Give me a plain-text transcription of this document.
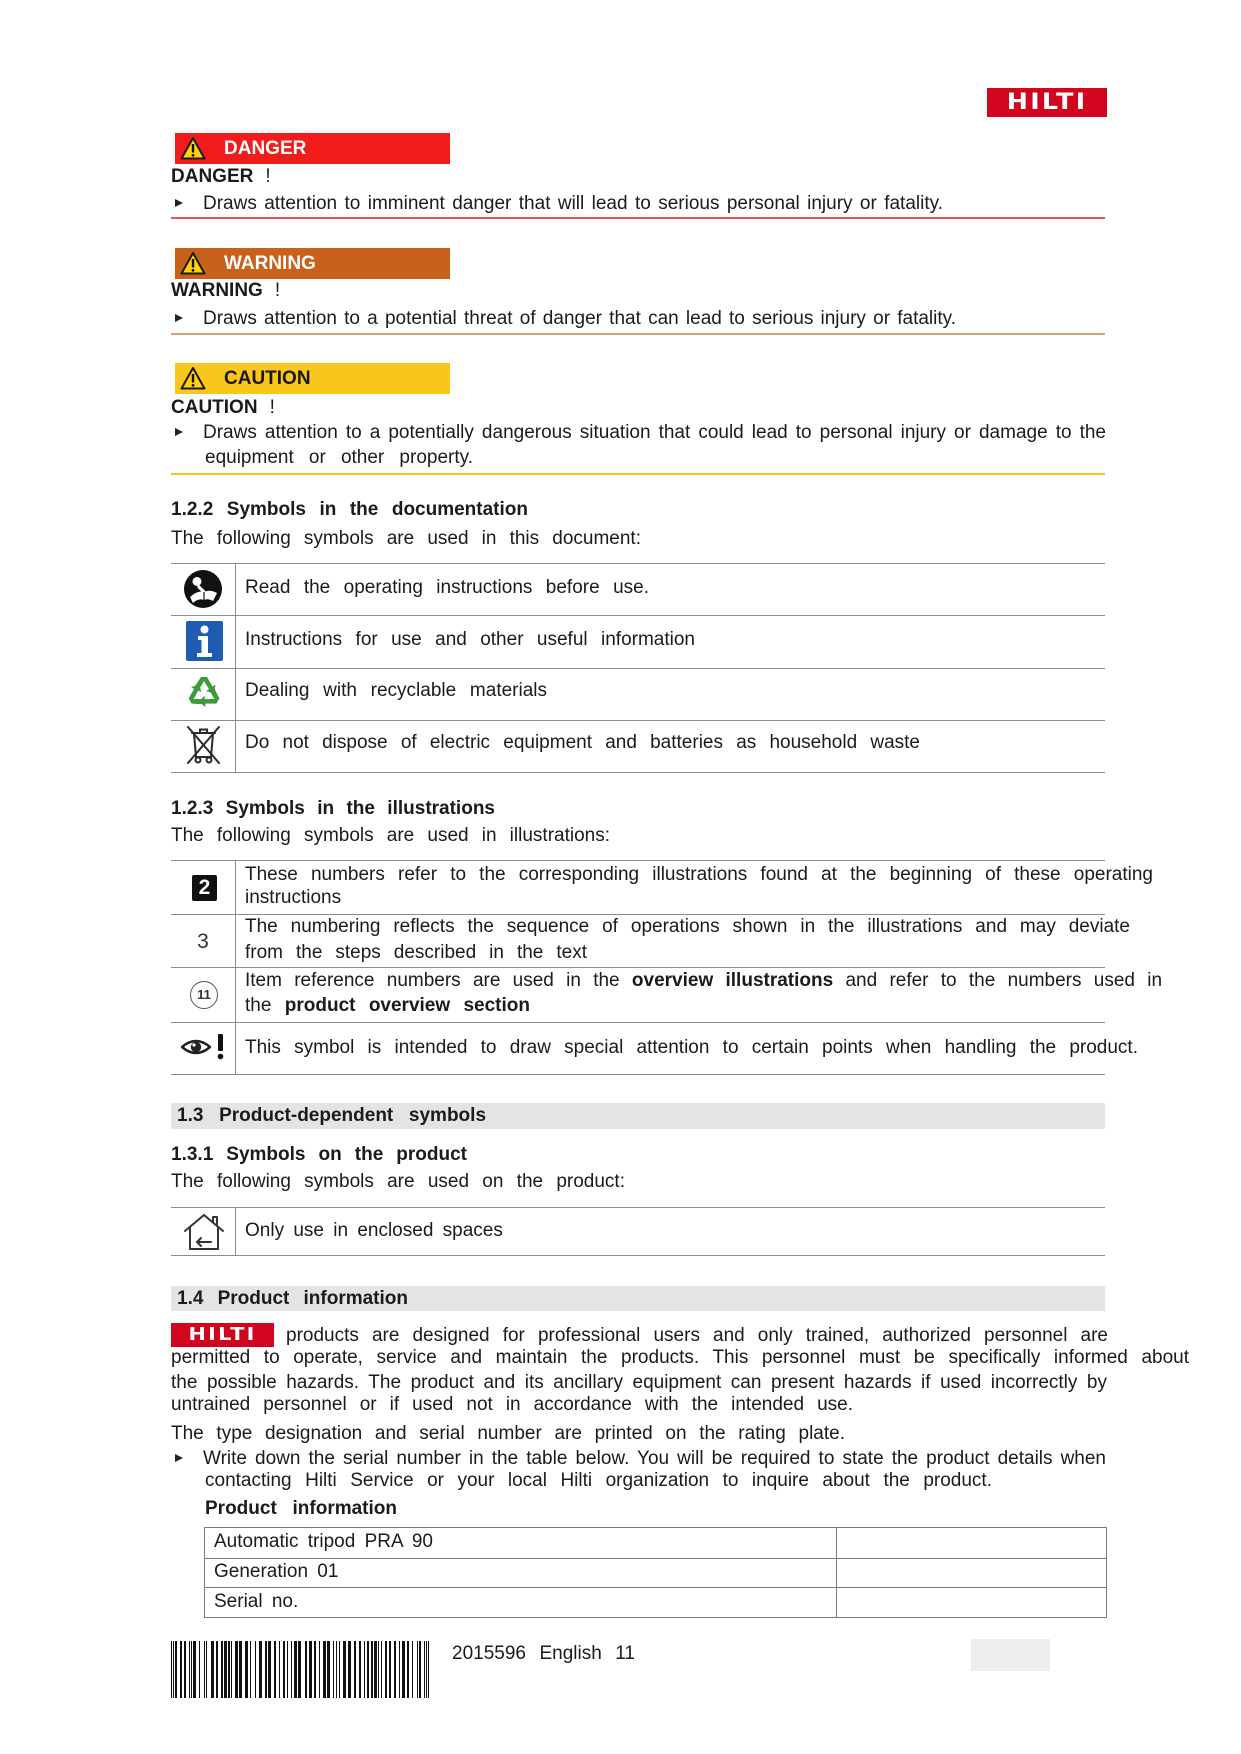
HILTI
DANGER
DANGER !
Draws attention to imminent danger that will lead to serious personal injury or fatality.
WARNING
WARNING !
Draws attention to a potential threat of danger that can lead to serious injury or fatality.
CAUTION
CAUTION !
Draws attention to a potentially dangerous situation that could lead to personal injury or damage to the
equipment or other property.
1.2.2 Symbols in the documentation
The following symbols are used in this document:
Read the operating instructions before use.
Instructions for use and other useful information
Dealing with recyclable materials
Do not dispose of electric equipment and batteries as household waste
1.2.3 Symbols in the illustrations
The following symbols are used in illustrations:
2
3
11
These numbers refer to the corresponding illustrations found at the beginning of these operating
instructions
The numbering reflects the sequence of operations shown in the illustrations and may deviate
from the steps described in the text
Item reference numbers are used in the overview illustrations and refer to the numbers used in
the product overview section
This symbol is intended to draw special attention to certain points when handling the product.
1.3 Product-dependent symbols
1.3.1 Symbols on the product
The following symbols are used on the product:
Only use in enclosed spaces
1.4 Product information
HILTI	products are designed for professional users and only trained, authorized personnel are
permitted to operate, service and maintain the products. This personnel must be specifically informed about
the possible hazards. The product and its ancillary equipment can present hazards if used incorrectly by
untrained personnel or if used not in accordance with the intended use.
The type designation and serial number are printed on the rating plate.
Write down the serial number in the table below. You will be required to state the product details when
contacting Hilti Service or your local Hilti organization to inquire about the product.
Product information
Automatic tripod PRA 90
Generation 01
Serial no.
2015596 English 11
